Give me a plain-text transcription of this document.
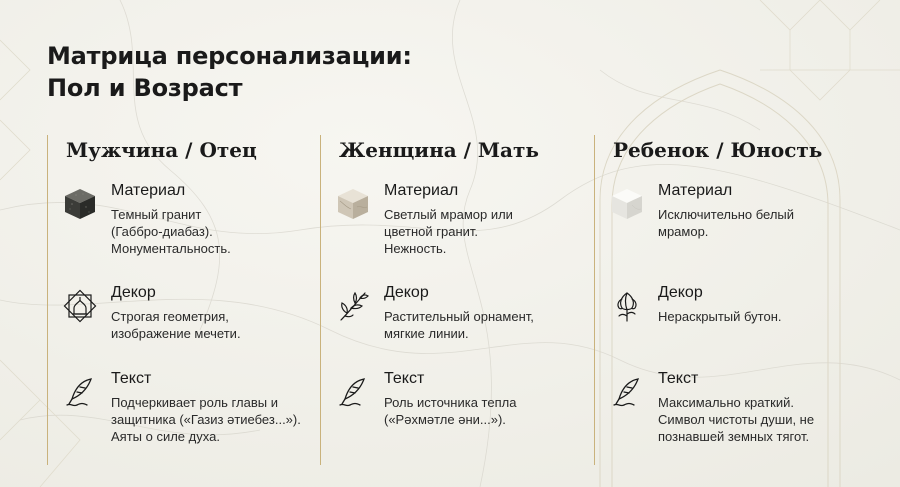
Матрица персонализации:
Пол и Возраст
Мужчина / Отец
Материал
Темный гранит
(Габбро-диабаз).
Монументальность.
Декор
Строгая геометрия,
изображение мечети.
Текст
Подчеркивает роль главы и
защитника («Газиз әтиебез...»).
Аяты о силе духа.
Женщина / Мать
Материал
Светлый мрамор или
цветной гранит.
Нежность.
Декор
Растительный орнамент,
мягкие линии.
Текст
Роль источника тепла
(«Рәхмәтле әни...»).
Ребенок / Юность
Материал
Исключительно белый
мрамор.
Декор
Нераскрытый бутон.
Текст
Максимально краткий.
Символ чистоты души, не
познавшей земных тягот.
